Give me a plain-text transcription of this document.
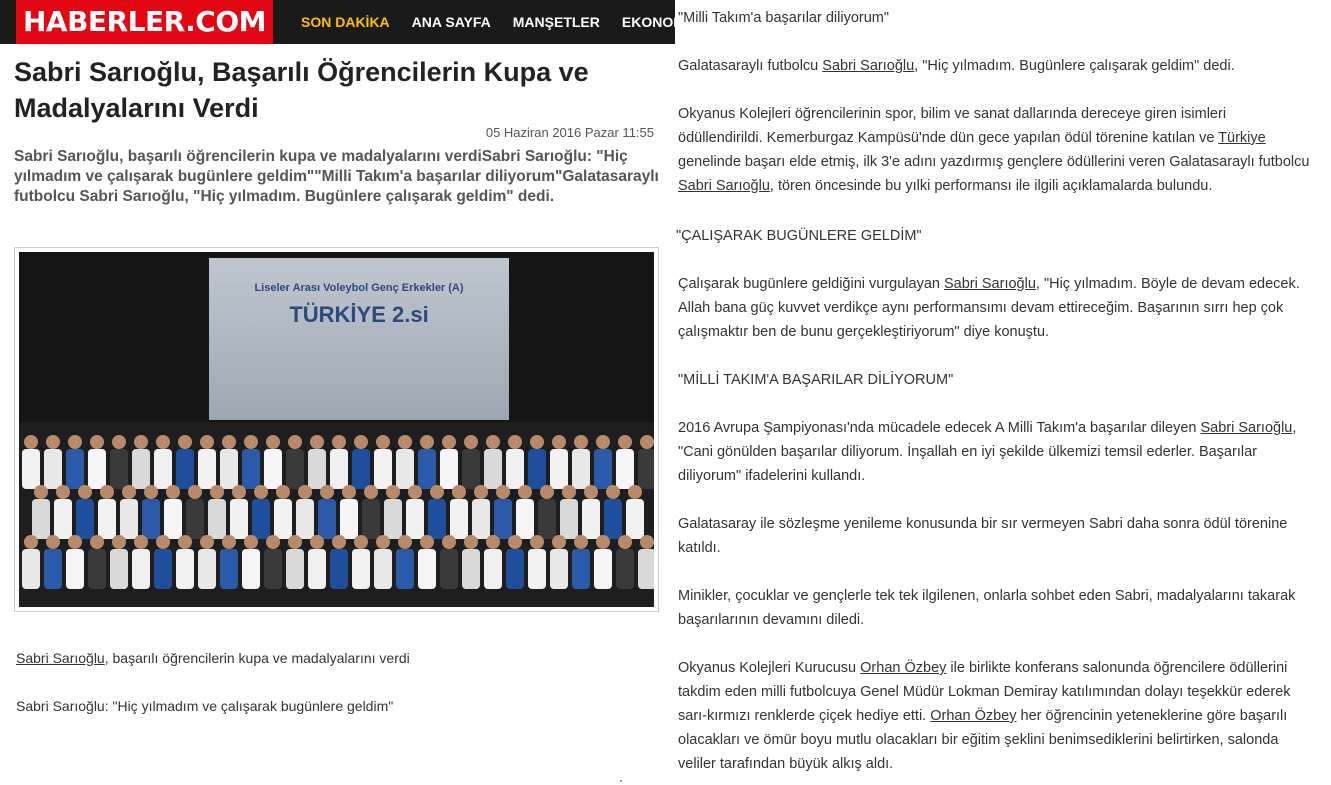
HABERLER.COM	SON DAKİKA	ANA SAYFA	MANŞETLER	EKONOMİ
Sabri Sarıoğlu, Başarılı Öğrencilerin Kupa ve Madalyalarını Verdi
05 Haziran 2016 Pazar 11:55

Sabri Sarıoğlu, başarılı öğrencilerin kupa ve madalyalarını verdiSabri Sarıoğlu: "Hiç yılmadım ve çalışarak bugünlere geldim""Milli Takım'a başarılar diliyorum"Galatasaraylı futbolcu Sabri Sarıoğlu, "Hiç yılmadım. Bugünlere çalışarak geldim" dedi.

Liseler Arası Voleybol Genç Erkekler (A)
TÜRKİYE 2.si
Sabri Sarıoğlu, başarılı öğrencilerin kupa ve madalyalarını verdi
Sabri Sarıoğlu: "Hiç yılmadım ve çalışarak bugünlere geldim"

"Milli Takım'a başarılar diliyorum"

Galatasaraylı futbolcu Sabri Sarıoğlu, "Hiç yılmadım. Bugünlere çalışarak geldim" dedi.

Okyanus Kolejleri öğrencilerinin spor, bilim ve sanat dallarında dereceye giren isimleri ödüllendirildi. Kemerburgaz Kampüsü'nde dün gece yapılan ödül törenine katılan ve Türkiye genelinde başarı elde etmiş, ilk 3'e adını yazdırmış gençlere ödüllerini veren Galatasaraylı futbolcu Sabri Sarıoğlu, tören öncesinde bu yılki performansı ile ilgili açıklamalarda bulundu.

"ÇALIŞARAK BUGÜNLERE GELDİM"

Çalışarak bugünlere geldiğini vurgulayan Sabri Sarıoğlu, "Hiç yılmadım. Böyle de devam edecek. Allah bana güç kuvvet verdikçe aynı performansımı devam ettireceğim. Başarının sırrı hep çok çalışmaktır ben de bunu gerçekleştiriyorum" diye konuştu.

"MİLLİ TAKIM'A BAŞARILAR DİLİYORUM"

2016 Avrupa Şampiyonası'nda mücadele edecek A Milli Takım'a başarılar dileyen Sabri Sarıoğlu, "Cani gönülden başarılar diliyorum. İnşallah en iyi şekilde ülkemizi temsil ederler. Başarılar diliyorum" ifadelerini kullandı.

Galatasaray ile sözleşme yenileme konusunda bir sır vermeyen Sabri daha sonra ödül törenine katıldı.

Minikler, çocuklar ve gençlerle tek tek ilgilenen, onlarla sohbet eden Sabri, madalyalarını takarak başarılarının devamını diledi.

Okyanus Kolejleri Kurucusu Orhan Özbey ile birlikte konferans salonunda öğrencilere ödüllerini takdim eden milli futbolcuya Genel Müdür Lokman Demiray katılımından dolayı teşekkür ederek sarı-kırmızı renklerde çiçek hediye etti. Orhan Özbey her öğrencinin yeteneklerine göre başarılı olacakları ve ömür boyu mutlu olacakları bir eğitim şeklini benimsediklerini belirtirken, salonda veliler tarafından büyük alkış aldı.
